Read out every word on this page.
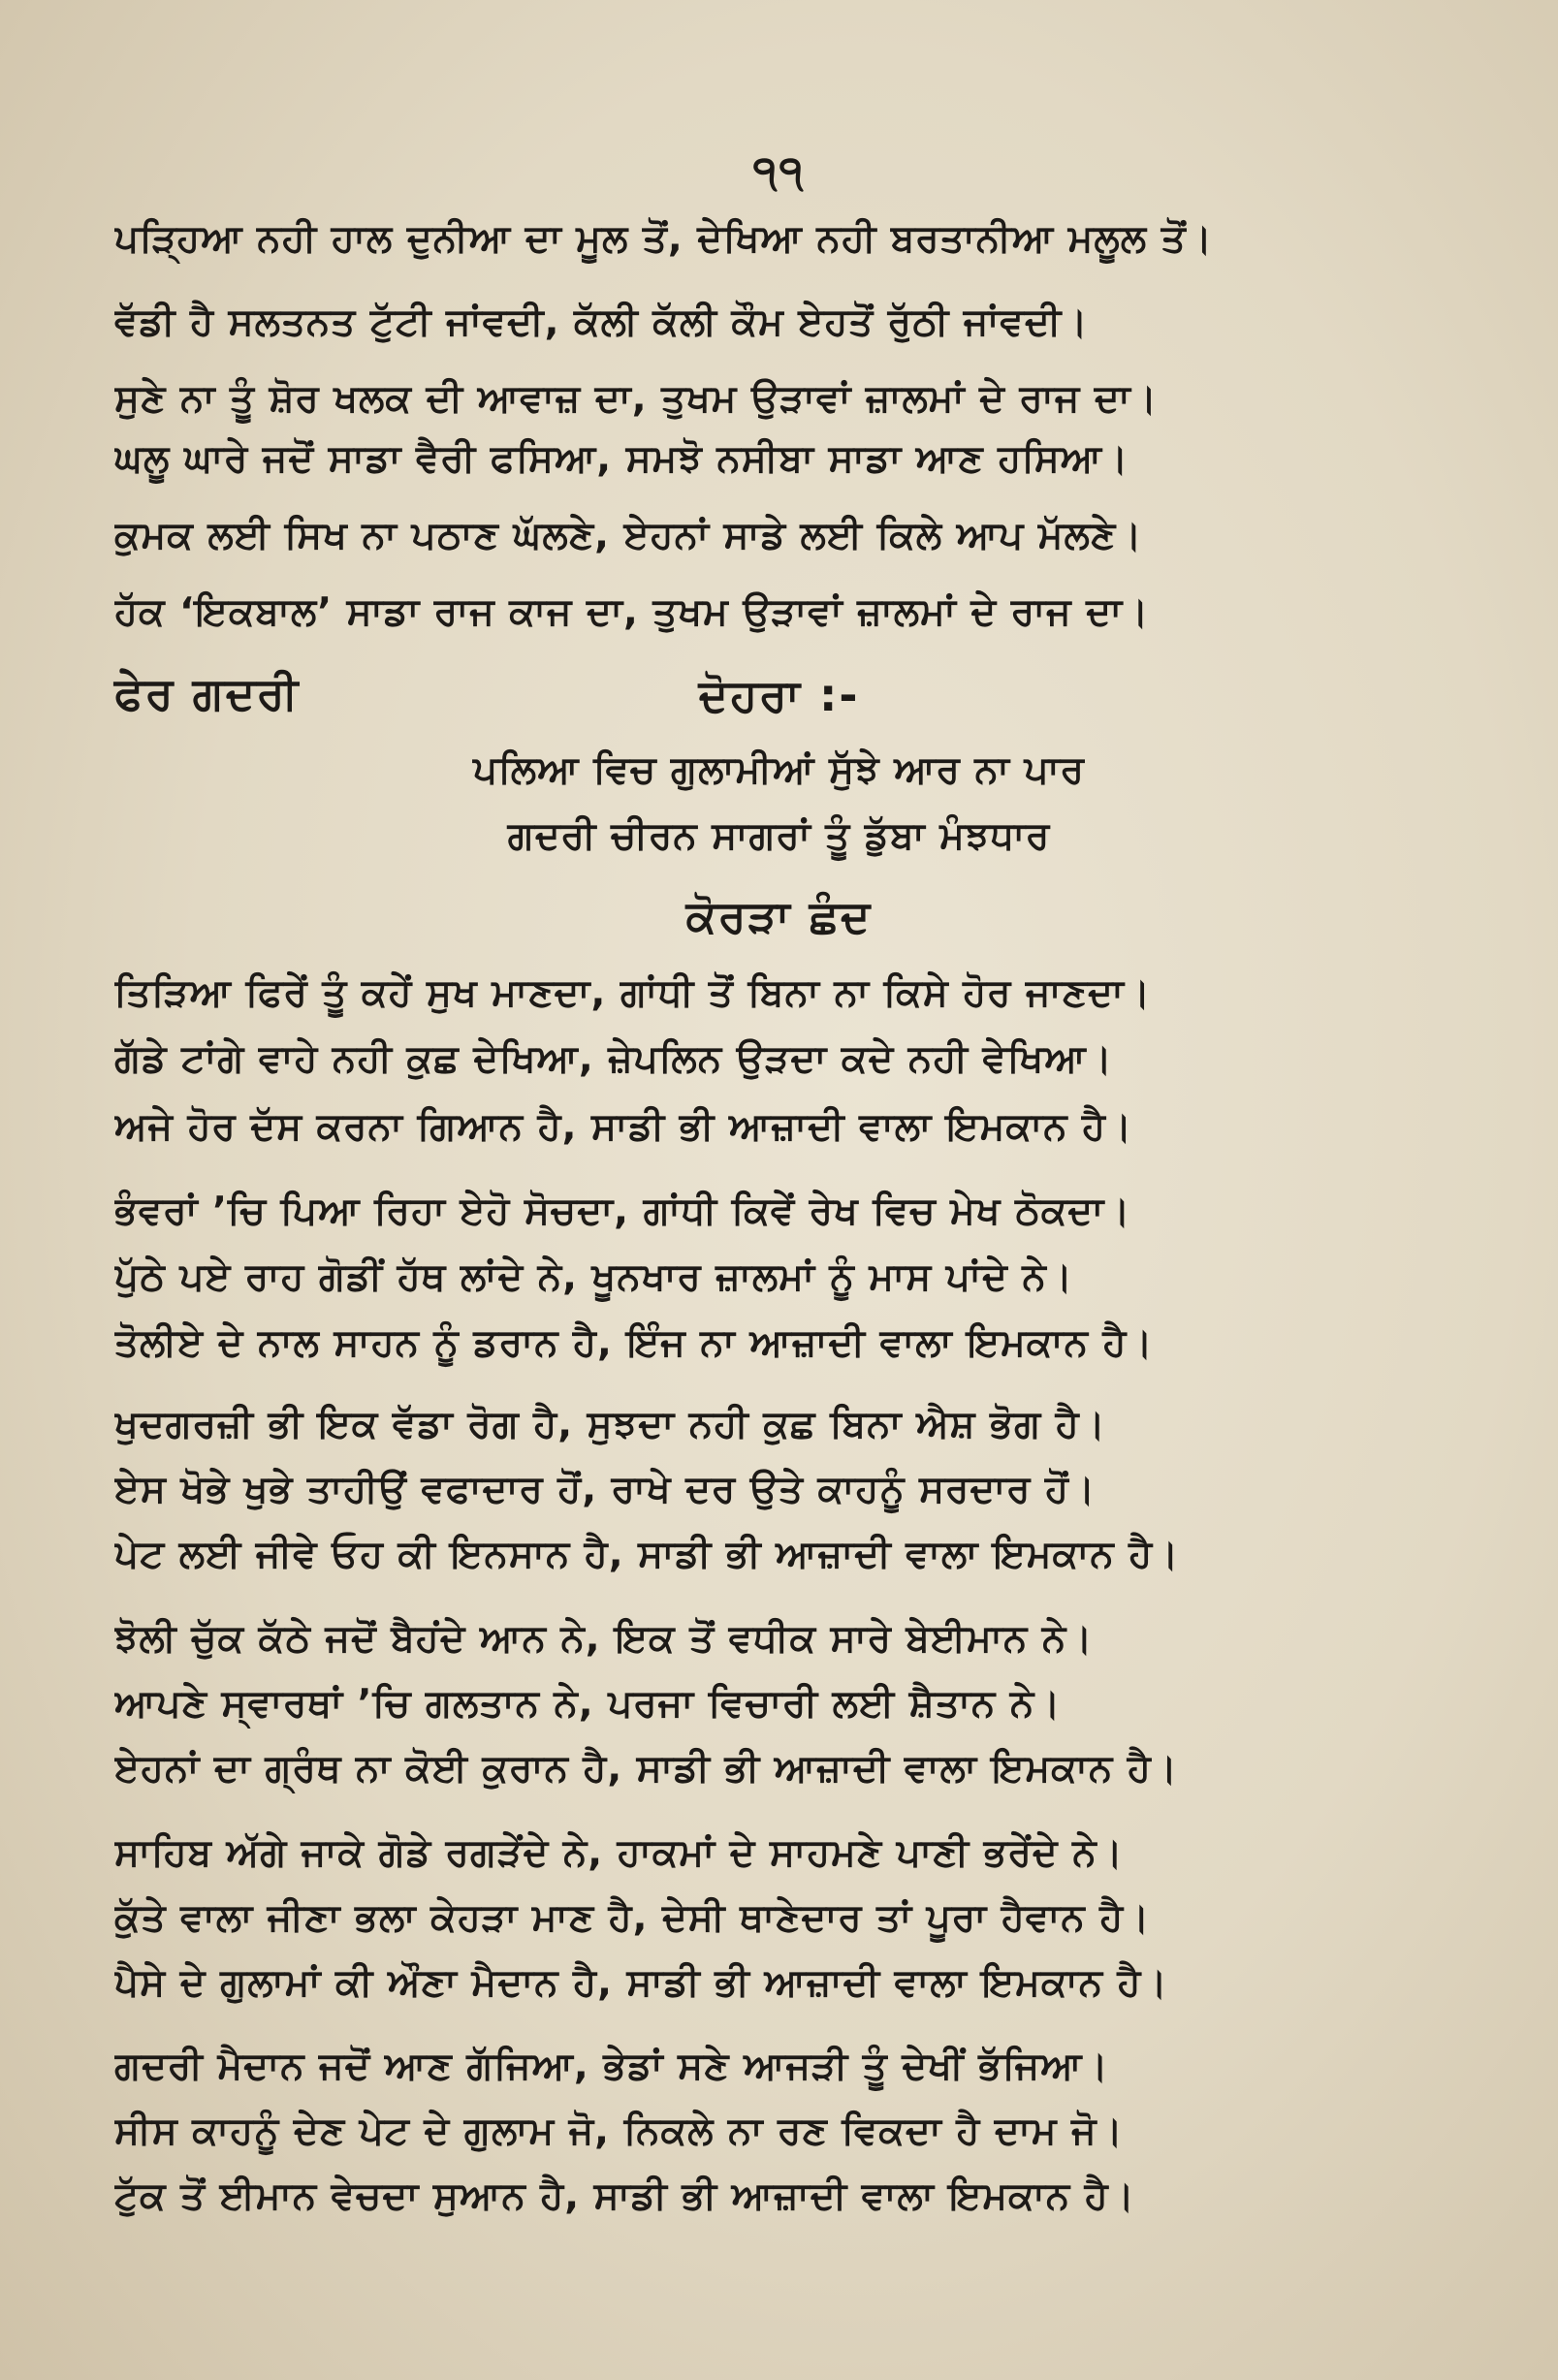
੧੧
ਪੜ੍ਹਿਆ ਨਹੀ ਹਾਲ ਦੁਨੀਆ ਦਾ ਮੂਲ ਤੋਂ, ਦੇਖਿਆ ਨਹੀ ਬਰਤਾਨੀਆ ਮਲੂਲ ਤੋਂ।
ਵੱਡੀ ਹੈ ਸਲਤਨਤ ਟੁੱਟੀ ਜਾਂਵਦੀ, ਕੱਲੀ ਕੱਲੀ ਕੌਮ ਏਹਤੋਂ ਰੁੱਠੀ ਜਾਂਵਦੀ।
ਸੁਣੇ ਨਾ ਤੂੰ ਸ਼ੋਰ ਖਲਕ ਦੀ ਆਵਾਜ਼ ਦਾ, ਤੁਖਮ ਉੜਾਵਾਂ ਜ਼ਾਲਮਾਂ ਦੇ ਰਾਜ ਦਾ।
ਘਲੂ ਘਾਰੇ ਜਦੋਂ ਸਾਡਾ ਵੈਰੀ ਫਸਿਆ, ਸਮਝੋ ਨਸੀਬਾ ਸਾਡਾ ਆਣ ਹਸਿਆ।
ਕੁਮਕ ਲਈ ਸਿਖ ਨਾ ਪਠਾਣ ਘੱਲਣੇ, ਏਹਨਾਂ ਸਾਡੇ ਲਈ ਕਿਲੇ ਆਪ ਮੱਲਣੇ।
ਹੱਕ ‘ਇਕਬਾਲ’ ਸਾਡਾ ਰਾਜ ਕਾਜ ਦਾ, ਤੁਖਮ ਉੜਾਵਾਂ ਜ਼ਾਲਮਾਂ ਦੇ ਰਾਜ ਦਾ।
ਫੇਰ ਗਦਰੀ	ਦੋਹਰਾ :-
ਪਲਿਆ ਵਿਚ ਗੁਲਾਮੀਆਂ ਸੁੱਝੇ ਆਰ ਨਾ ਪਾਰ
ਗਦਰੀ ਚੀਰਨ ਸਾਗਰਾਂ ਤੂੰ ਡੁੱਬਾ ਮੰਝਧਾਰ
ਕੋਰੜਾ ਛੰਦ
ਤਿੜਿਆ ਫਿਰੇਂ ਤੂੰ ਕਹੇਂ ਸੁਖ ਮਾਣਦਾ, ਗਾਂਧੀ ਤੋਂ ਬਿਨਾ ਨਾ ਕਿਸੇ ਹੋਰ ਜਾਣਦਾ।
ਗੱਡੇ ਟਾਂਗੇ ਵਾਹੇ ਨਹੀ ਕੁਛ ਦੇਖਿਆ, ਜ਼ੇਪਲਿਨ ਉੜਦਾ ਕਦੇ ਨਹੀ ਵੇਖਿਆ।
ਅਜੇ ਹੋਰ ਦੱਸ ਕਰਨਾ ਗਿਆਨ ਹੈ, ਸਾਡੀ ਭੀ ਆਜ਼ਾਦੀ ਵਾਲਾ ਇਮਕਾਨ ਹੈ।
ਭੰਵਰਾਂ ’ਚਿ ਪਿਆ ਰਿਹਾ ਏਹੋ ਸੋਚਦਾ, ਗਾਂਧੀ ਕਿਵੇਂ ਰੇਖ ਵਿਚ ਮੇਖ ਠੋਕਦਾ।
ਪੁੱਠੇ ਪਏ ਰਾਹ ਗੋਡੀਂ ਹੱਥ ਲਾਂਦੇ ਨੇ, ਖੂਨਖਾਰ ਜ਼ਾਲਮਾਂ ਨੂੰ ਮਾਸ ਪਾਂਦੇ ਨੇ।
ਤੋਲੀਏ ਦੇ ਨਾਲ ਸਾਹਨ ਨੂੰ ਡਰਾਨ ਹੈ, ਇੰਜ ਨਾ ਆਜ਼ਾਦੀ ਵਾਲਾ ਇਮਕਾਨ ਹੈ।
ਖੁਦਗਰਜ਼ੀ ਭੀ ਇਕ ਵੱਡਾ ਰੋਗ ਹੈ, ਸੁਝਦਾ ਨਹੀ ਕੁਛ ਬਿਨਾ ਐਸ਼ ਭੋਗ ਹੈ।
ਏਸ ਖੋਭੇ ਖੁਭੇ ਤਾਹੀਉਂ ਵਫਾਦਾਰ ਹੋਂ, ਰਾਖੇ ਦਰ ਉਤੇ ਕਾਹਨੂੰ ਸਰਦਾਰ ਹੋਂ।
ਪੇਟ ਲਈ ਜੀਵੇ ਓਹ ਕੀ ਇਨਸਾਨ ਹੈ, ਸਾਡੀ ਭੀ ਆਜ਼ਾਦੀ ਵਾਲਾ ਇਮਕਾਨ ਹੈ।
ਝੋਲੀ ਚੁੱਕ ਕੱਠੇ ਜਦੋਂ ਬੈਹਂਦੇ ਆਨ ਨੇ, ਇਕ ਤੋਂ ਵਧੀਕ ਸਾਰੇ ਬੇਈਮਾਨ ਨੇ।
ਆਪਣੇ ਸ੍ਵਾਰਥਾਂ ’ਚਿ ਗਲਤਾਨ ਨੇ, ਪਰਜਾ ਵਿਚਾਰੀ ਲਈ ਸ਼ੈਤਾਨ ਨੇ।
ਏਹਨਾਂ ਦਾ ਗ੍ਰੰਥ ਨਾ ਕੋਈ ਕੁਰਾਨ ਹੈ, ਸਾਡੀ ਭੀ ਆਜ਼ਾਦੀ ਵਾਲਾ ਇਮਕਾਨ ਹੈ।
ਸਾਹਿਬ ਅੱਗੇ ਜਾਕੇ ਗੋਡੇ ਰਗੜੇਂਦੇ ਨੇ, ਹਾਕਮਾਂ ਦੇ ਸਾਹਮਣੇ ਪਾਣੀ ਭਰੇਂਦੇ ਨੇ।
ਕੁੱਤੇ ਵਾਲਾ ਜੀਣਾ ਭਲਾ ਕੇਹੜਾ ਮਾਣ ਹੈ, ਦੇਸੀ ਥਾਣੇਦਾਰ ਤਾਂ ਪੂਰਾ ਹੈਵਾਨ ਹੈ।
ਪੈਸੇ ਦੇ ਗੁਲਾਮਾਂ ਕੀ ਔਣਾ ਮੈਦਾਨ ਹੈ, ਸਾਡੀ ਭੀ ਆਜ਼ਾਦੀ ਵਾਲਾ ਇਮਕਾਨ ਹੈ।
ਗਦਰੀ ਮੈਦਾਨ ਜਦੋਂ ਆਣ ਗੱਜਿਆ, ਭੇਡਾਂ ਸਣੇ ਆਜੜੀ ਤੂੰ ਦੇਖੀਂ ਭੱਜਿਆ।
ਸੀਸ ਕਾਹਨੂੰ ਦੇਣ ਪੇਟ ਦੇ ਗੁਲਾਮ ਜੋ, ਨਿਕਲੇ ਨਾ ਰਣ ਵਿਕਦਾ ਹੈ ਦਾਮ ਜੋ।
ਟੁੱਕ ਤੋਂ ਈਮਾਨ ਵੇਚਦਾ ਸੁਆਨ ਹੈ, ਸਾਡੀ ਭੀ ਆਜ਼ਾਦੀ ਵਾਲਾ ਇਮਕਾਨ ਹੈ।
